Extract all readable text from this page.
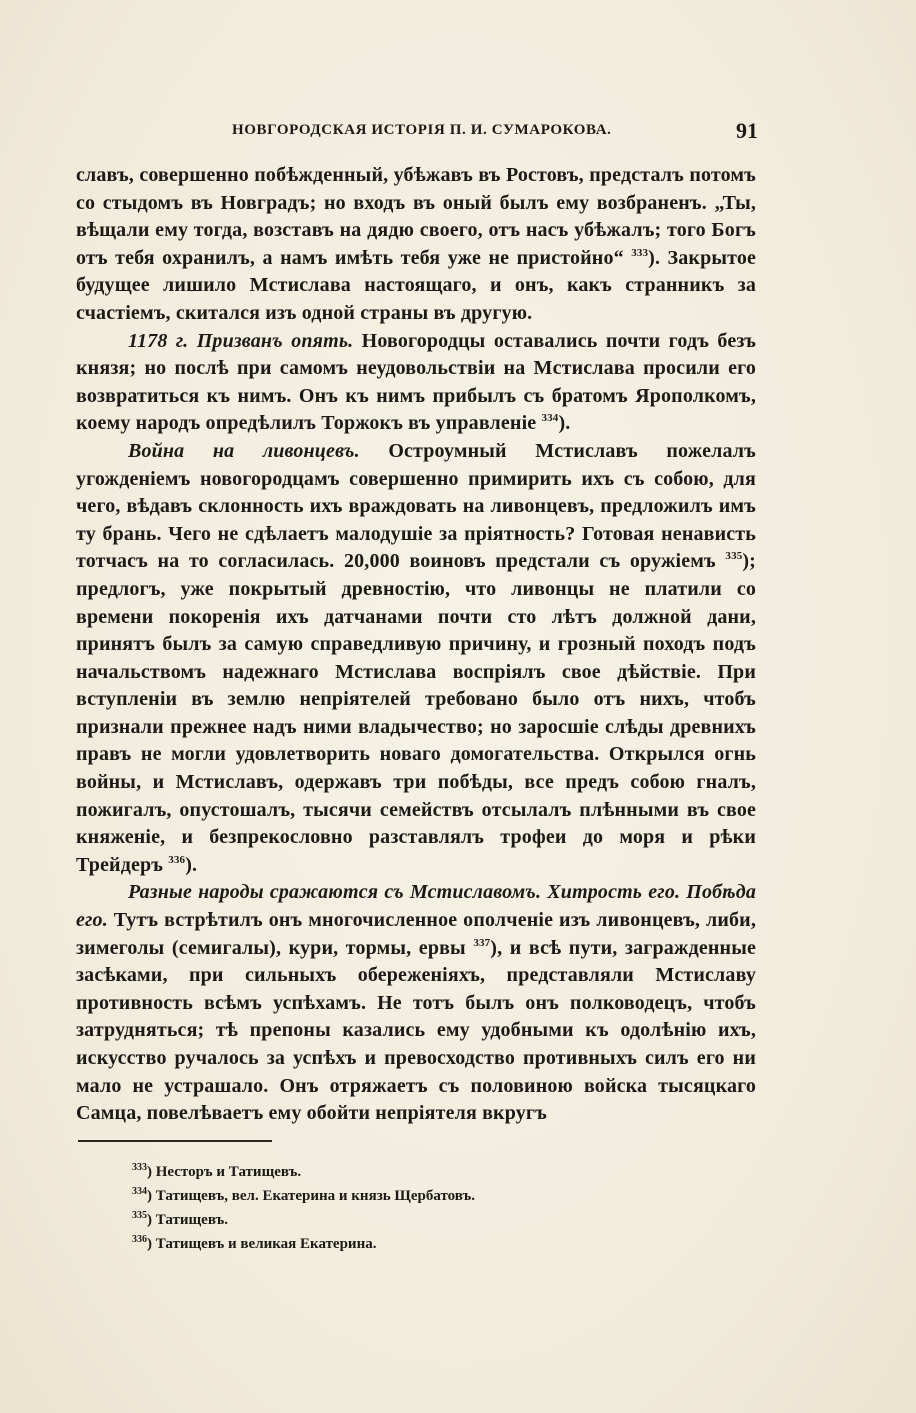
НОВГОРОДСКАЯ ИСТОРІЯ П. И. СУМАРОКОВА.	91

славъ, совершенно побѣжденный, убѣжавъ въ Ростовъ, предсталъ потомъ со стыдомъ въ Новградъ; но входъ въ оный былъ ему возбраненъ. „Ты, вѣщали ему тогда, возставъ на дядю своего, отъ насъ убѣжалъ; того Богъ отъ тебя охранилъ, а намъ имѣть тебя уже не пристойно“ $^{333}$). Закрытое будущее лишило Мстислава настоящаго, и онъ, какъ странникъ за счастіемъ, скитался изъ одной страны въ другую.

1178 г. Призванъ опять. Новогородцы оставались почти годъ безъ князя; но послѣ при самомъ неудовольствіи на Мстислава просили его возвратиться къ нимъ. Онъ къ нимъ прибылъ съ братомъ Ярополкомъ, коему народъ опредѣлилъ Торжокъ въ управленіе $^{334}$).

Война на ливонцевъ. Остроумный Мстиславъ пожелалъ угожденіемъ новогородцамъ совершенно примирить ихъ съ собою, для чего, вѣдавъ склонность ихъ враждовать на ливонцевъ, предложилъ имъ ту брань. Чего не сдѣлаетъ малодушіе за пріятность? Готовая ненависть тотчасъ на то согласилась. 20,000 воиновъ предстали съ оружіемъ $^{335}$); предлогъ, уже покрытый древностію, что ливонцы не платили со времени покоренія ихъ датчанами почти сто лѣтъ должной дани, принятъ былъ за самую справедливую причину, и грозный походъ подъ начальствомъ надежнаго Мстислава воспріялъ свое дѣйствіе. При вступленіи въ землю непріятелей требовано было отъ нихъ, чтобъ признали прежнее надъ ними владычество; но заросшіе слѣды древнихъ правъ не могли удовлетворить новаго домогательства. Открылся огнь войны, и Мстиславъ, одержавъ три побѣды, все предъ собою гналъ, пожигалъ, опустошалъ, тысячи семействъ отсылалъ плѣнными въ свое княженіе, и безпрекословно разставлялъ трофеи до моря и рѣки Трейдеръ $^{336}$).

Разные народы сражаются съ Мстиславомъ. Хитрость его. Побѣда его. Тутъ встрѣтилъ онъ многочисленное ополченіе изъ ливонцевъ, либи, зимеголы (семигалы), кури, тормы, ервы $^{337}$), и всѣ пути, загражденные засѣками, при сильныхъ обереженіяхъ, представляли Мстиславу противность всѣмъ успѣхамъ. Не тотъ былъ онъ полководецъ, чтобъ затрудняться; тѣ препоны казались ему удобными къ одолѣнію ихъ, искусство ручалось за успѣхъ и превосходство противныхъ силъ его ни мало не устрашало. Онъ отряжаетъ съ половиною войска тысяцкаго Самца, повелѣваетъ ему обойти непріятеля вкругъ

$^{333}$) Несторъ и Татищевъ.
$^{334}$) Татищевъ, вел. Екатерина и князь Щербатовъ.
$^{335}$) Татищевъ.
$^{336}$) Татищевъ и великая Екатерина.
